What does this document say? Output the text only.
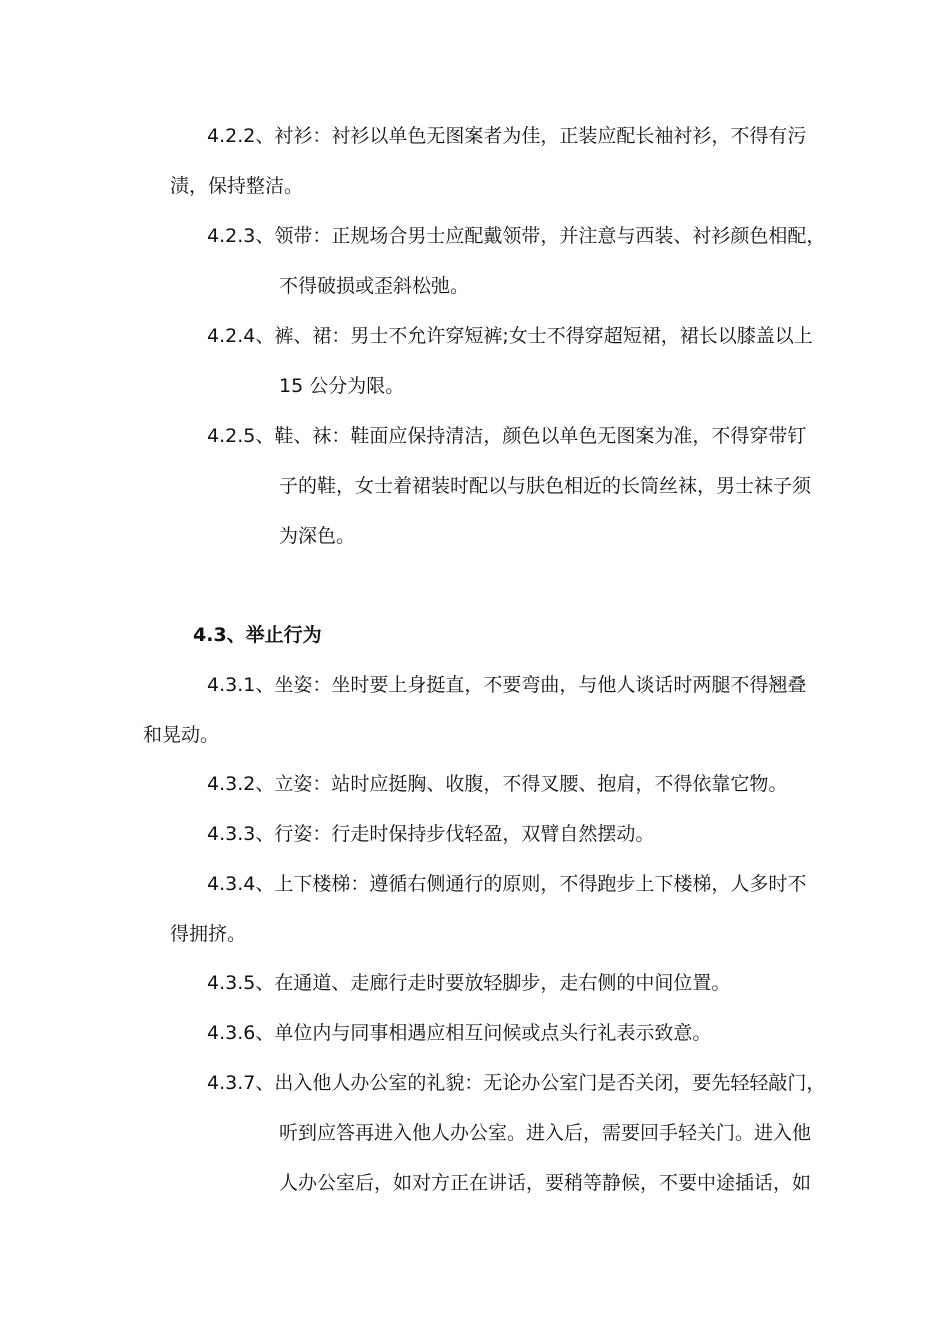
4.2.2、衬衫：衬衫以单色无图案者为佳，正装应配长袖衬衫，不得有污
渍，保持整洁。
4.2.3、领带：正规场合男士应配戴领带，并注意与西装、衬衫颜色相配，
不得破损或歪斜松弛。
4.2.4、裤、裙：男士不允许穿短裤;女士不得穿超短裙，裙长以膝盖以上
15 公分为限。
4.2.5、鞋、袜：鞋面应保持清洁，颜色以单色无图案为准，不得穿带钉
子的鞋，女士着裙装时配以与肤色相近的长筒丝袜，男士袜子须
为深色。
4.3、举止行为
4.3.1、坐姿：坐时要上身挺直，不要弯曲，与他人谈话时两腿不得翘叠
和晃动。
4.3.2、立姿：站时应挺胸、收腹，不得叉腰、抱肩，不得依靠它物。
4.3.3、行姿：行走时保持步伐轻盈，双臂自然摆动。
4.3.4、上下楼梯：遵循右侧通行的原则，不得跑步上下楼梯，人多时不
得拥挤。
4.3.5、在通道、走廊行走时要放轻脚步，走右侧的中间位置。
4.3.6、单位内与同事相遇应相互问候或点头行礼表示致意。
4.3.7、出入他人办公室的礼貌：无论办公室门是否关闭，要先轻轻敲门，
听到应答再进入他人办公室。进入后，需要回手轻关门。进入他
人办公室后，如对方正在讲话，要稍等静候，不要中途插话，如
